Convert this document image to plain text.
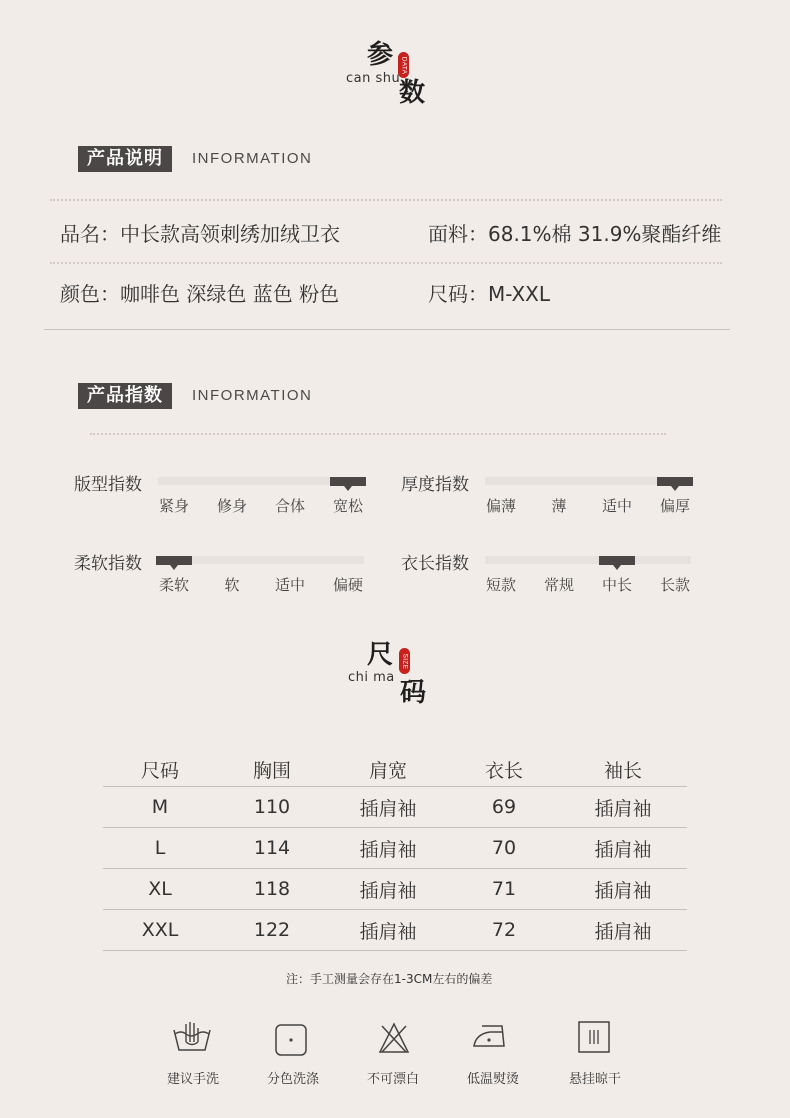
参 DATA
can shu
数
产品说明	INFORMATION
品名：中长款高领刺绣加绒卫衣	面料：68.1%棉 31.9%聚酯纤维
颜色：咖啡色 深绿色 蓝色 粉色	尺码：M-XXL
产品指数	INFORMATION
版型指数
紧身	修身	合体	宽松
厚度指数
偏薄	薄	适中	偏厚
柔软指数
柔软	软	适中	偏硬
衣长指数
短款	常规	中长	长款
尺 SIZE
chi ma
码
尺码	胸围	肩宽	衣长	袖长
M	110	插肩袖	69	插肩袖
L	114	插肩袖	70	插肩袖
XL	118	插肩袖	71	插肩袖
XXL	122	插肩袖	72	插肩袖
注：手工测量会存在1-3CM左右的偏差
建议手洗	分色洗涤	不可漂白	低温熨烫	悬挂晾干
